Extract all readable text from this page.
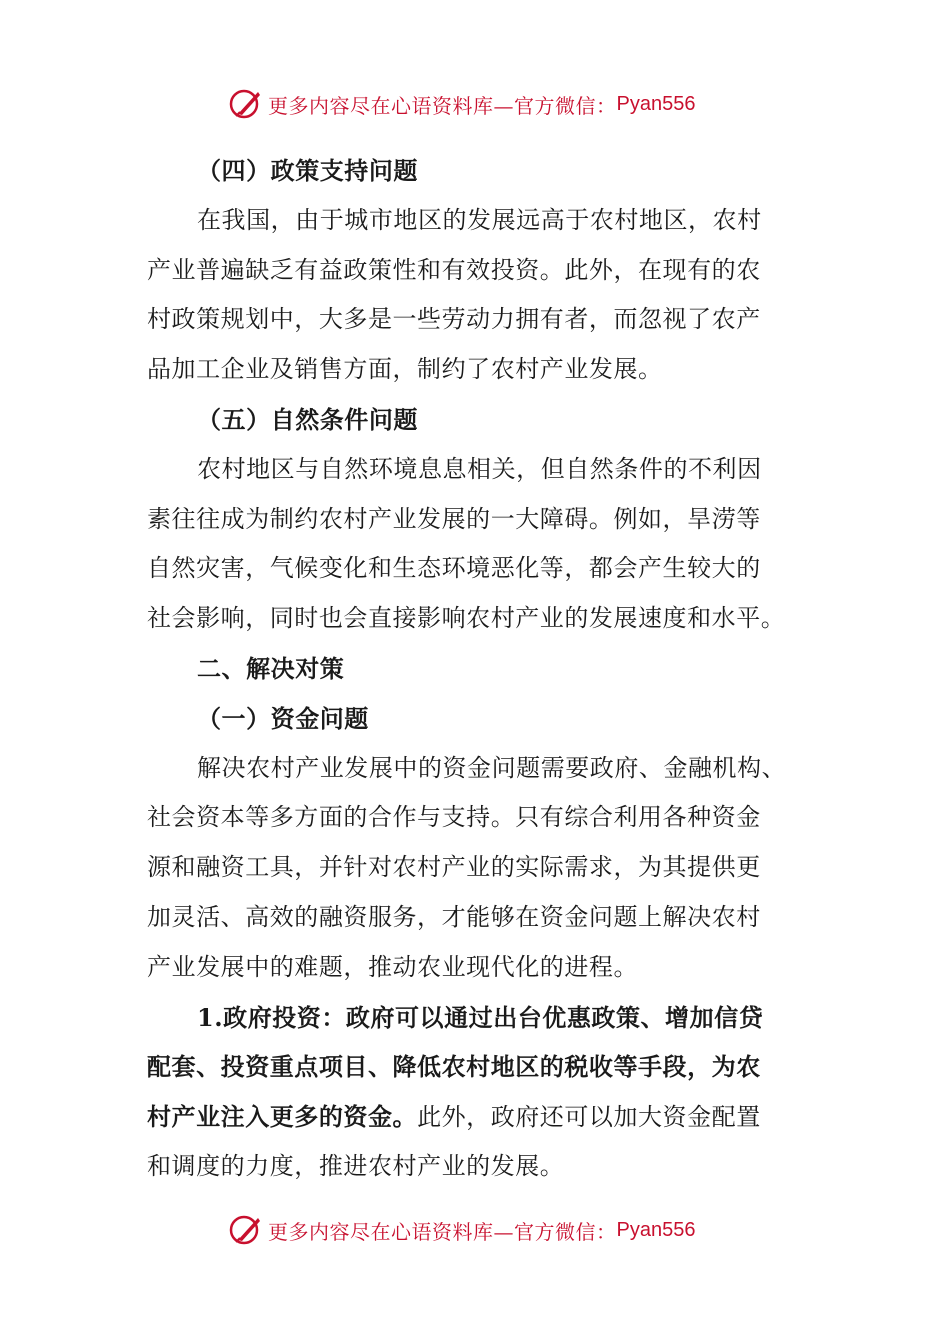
更多内容尽在心语资料库—官方微信： Pyan556
（四）政策支持问题
在我国，由于城市地区的发展远高于农村地区，农村
产业普遍缺乏有益政策性和有效投资。此外，在现有的农
村政策规划中，大多是一些劳动力拥有者，而忽视了农产
品加工企业及销售方面，制约了农村产业发展。
（五）自然条件问题
农村地区与自然环境息息相关，但自然条件的不利因
素往往成为制约农村产业发展的一大障碍。例如，旱涝等
自然灾害，气候变化和生态环境恶化等，都会产生较大的
社会影响，同时也会直接影响农村产业的发展速度和水平。
二、解决对策
（一）资金问题
解决农村产业发展中的资金问题需要政府、金融机构、
社会资本等多方面的合作与支持。只有综合利用各种资金
源和融资工具，并针对农村产业的实际需求，为其提供更
加灵活、高效的融资服务，才能够在资金问题上解决农村
产业发展中的难题，推动农业现代化的进程。
1.政府投资：政府可以通过出台优惠政策、增加信贷
配套、投资重点项目、降低农村地区的税收等手段，为农
村产业注入更多的资金。此外，政府还可以加大资金配置
和调度的力度，推进农村产业的发展。
更多内容尽在心语资料库—官方微信： Pyan556
